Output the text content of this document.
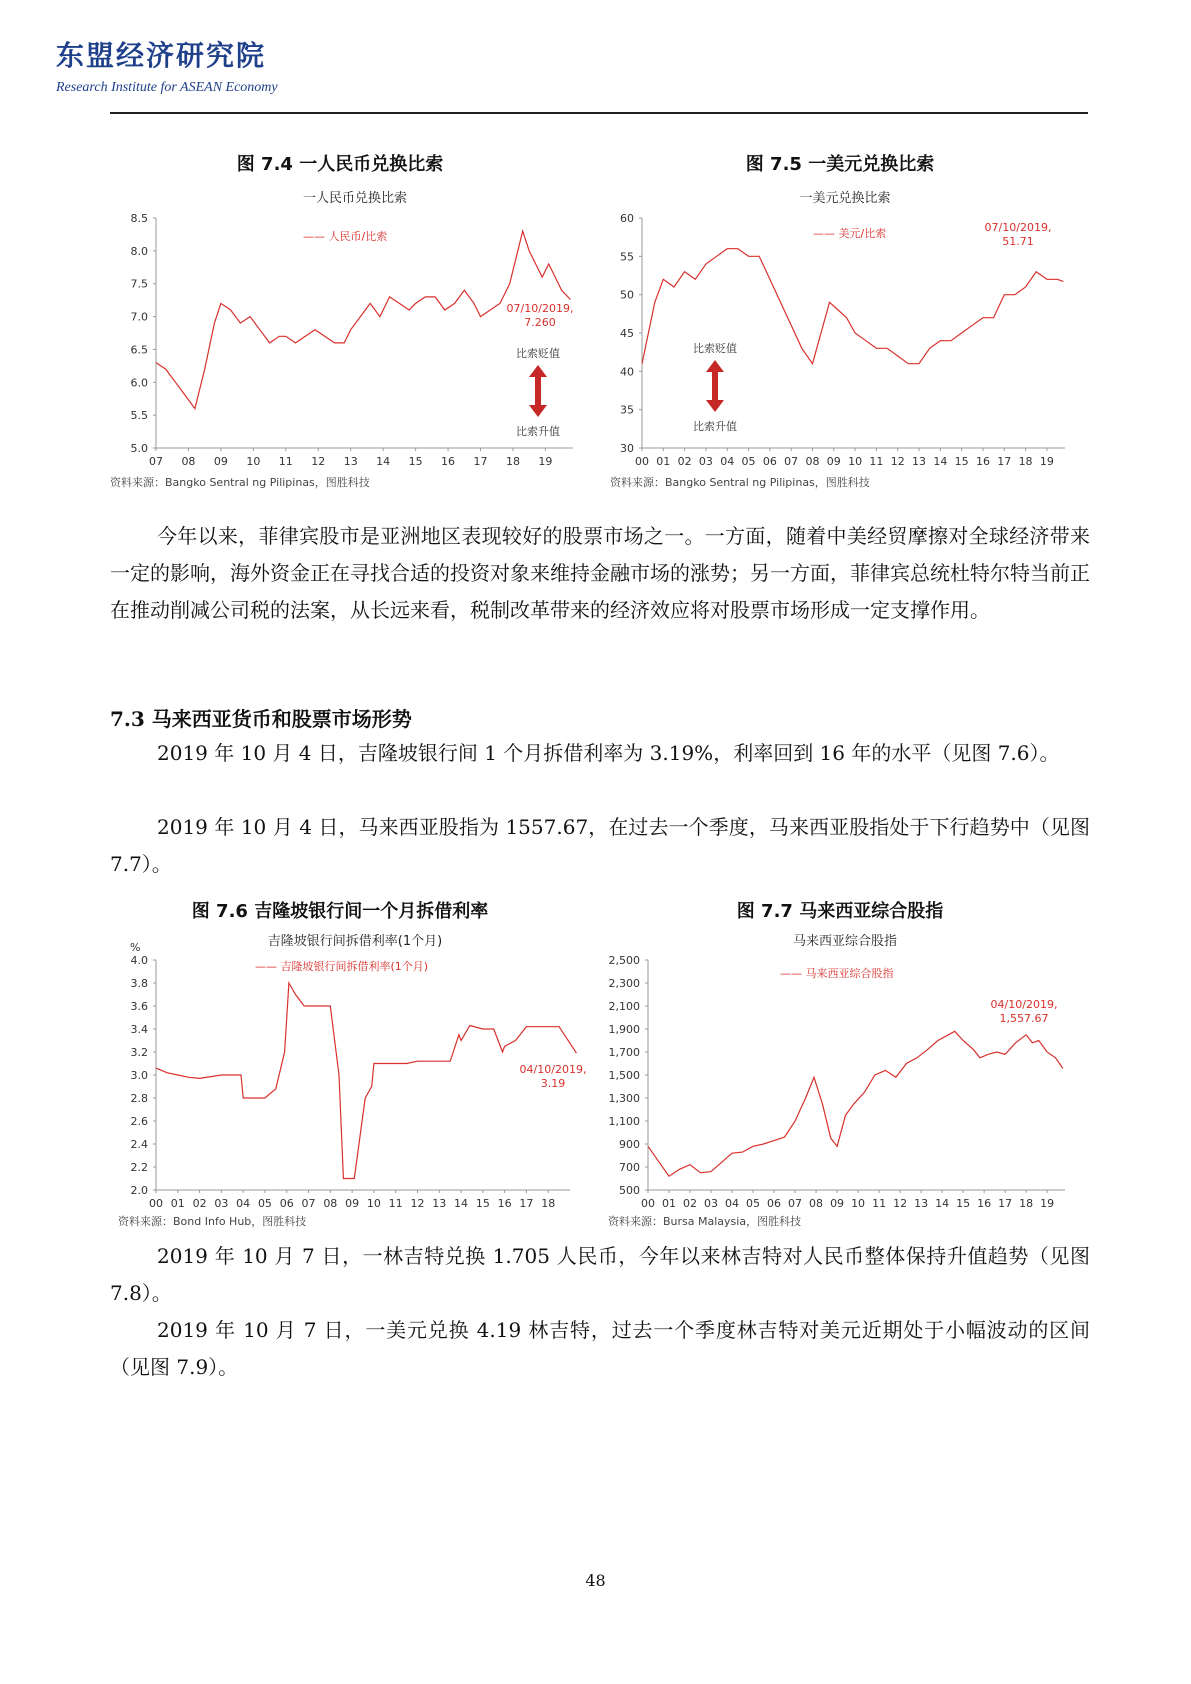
东盟经济研究院
Research Institute for ASEAN Economy
图 7.4 一人民币兑换比索	图 7.5 一美元兑换比索
一人民币兑换比索
5.0
5.5
6.0
6.5
7.0
7.5
8.0
8.5
07 08 09 10 11 12 13 14 15 16 17 18 19
—— 人民币/比索
07/10/2019,
7.260
比索贬值
比索升值
资料来源：Bangko Sentral ng Pilipinas，图胜科技
一美元兑换比索
30
35
40
45
50
55
60
00 01 02 03 04 05 06 07 08 09 10 11 12 13 14 15 16 17 18 19
—— 美元/比索	07/10/2019,
51.71
比索贬值
比索升值
资料来源：Bangko Sentral ng Pilipinas，图胜科技
今年以来，菲律宾股市是亚洲地区表现较好的股票市场之一。一方面，随着中美经贸摩擦对全球经济带来一定的影响，海外资金正在寻找合适的投资对象来维持金融市场的涨势；另一方面，菲律宾总统杜特尔特当前正在推动削减公司税的法案，从长远来看，税制改革带来的经济效应将对股票市场形成一定支撑作用。
7.3 马来西亚货币和股票市场形势
2019 年 10 月 4 日，吉隆坡银行间 1 个月拆借利率为 3.19%，利率回到 16 年的水平（见图 7.6）。
2019 年 10 月 4 日，马来西亚股指为 1557.67，在过去一个季度，马来西亚股指处于下行趋势中（见图 7.7）。
图 7.6 吉隆坡银行间一个月拆借利率	图 7.7 马来西亚综合股指
吉隆坡银行间拆借利率(1个月)
%
2.0
2.2
2.4
2.6
2.8
3.0
3.2
3.4
3.6
3.8
4.0
00 01 02 03 04 05 06 07 08 09 10 11 12 13 14 15 16 17 18
—— 吉隆坡银行间拆借利率(1个月)
04/10/2019,
3.19
资料来源：Bond Info Hub，图胜科技
马来西亚综合股指
500
700
900
1,100
1,300
1,500
1,700
1,900
2,100
2,300
2,500
00 01 02 03 04 05 06 07 08 09 10 11 12 13 14 15 16 17 18 19
—— 马来西亚综合股指
04/10/2019,
1,557.67
资料来源：Bursa Malaysia，图胜科技
2019 年 10 月 7 日，一林吉特兑换 1.705 人民币，今年以来林吉特对人民币整体保持升值趋势（见图 7.8）。
2019 年 10 月 7 日，一美元兑换 4.19 林吉特，过去一个季度林吉特对美元近期处于小幅波动的区间（见图 7.9）。
48
